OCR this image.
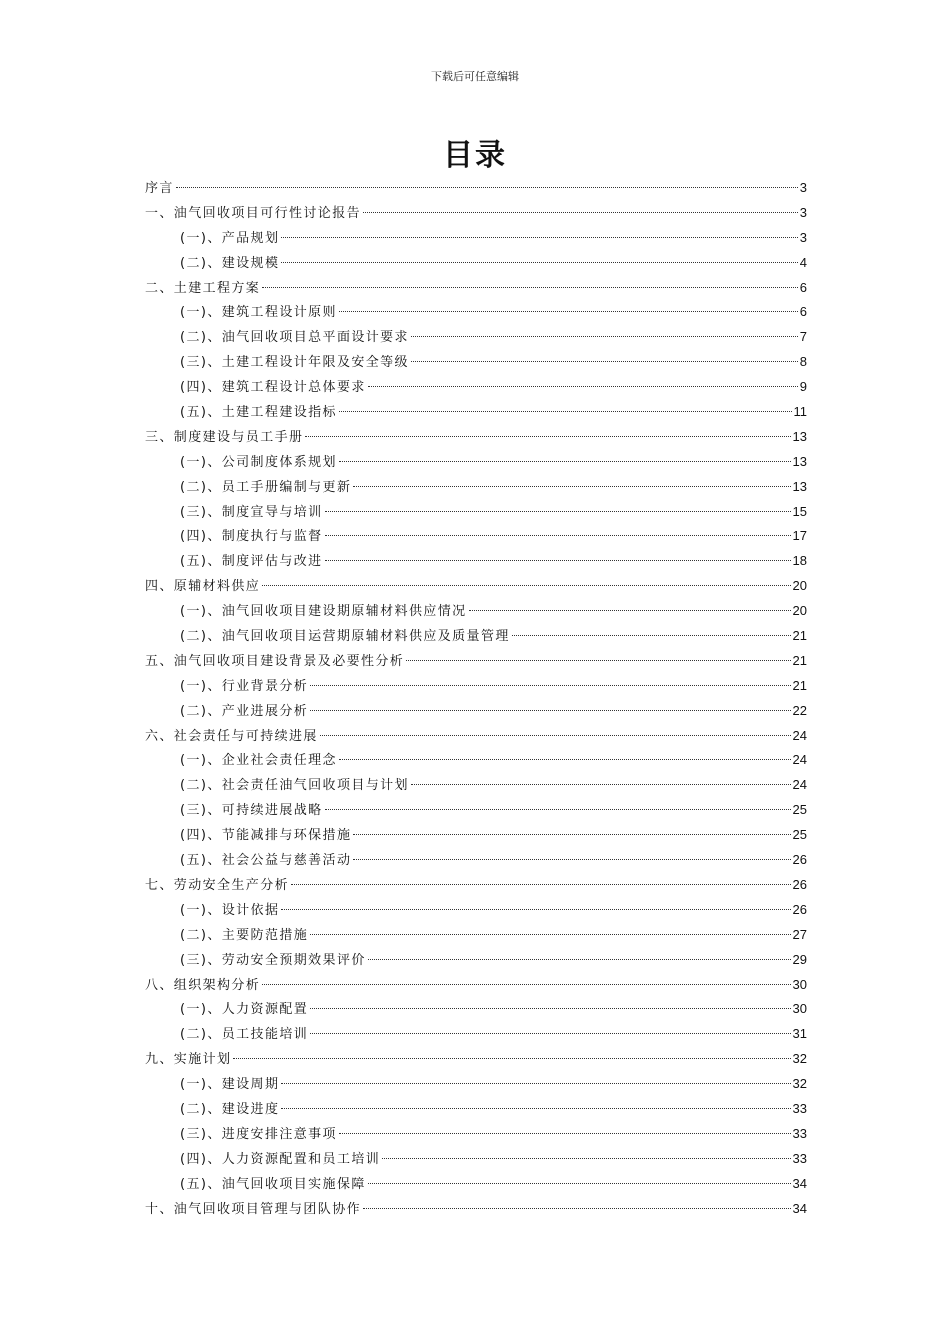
下载后可任意编辑
目录
序言	3
一、油气回收项目可行性讨论报告	3
(一)、产品规划	3
(二)、建设规模	4
二、土建工程方案	6
(一)、建筑工程设计原则	6
(二)、油气回收项目总平面设计要求	7
(三)、土建工程设计年限及安全等级	8
(四)、建筑工程设计总体要求	9
(五)、土建工程建设指标	11
三、制度建设与员工手册	13
(一)、公司制度体系规划	13
(二)、员工手册编制与更新	13
(三)、制度宣导与培训	15
(四)、制度执行与监督	17
(五)、制度评估与改进	18
四、原辅材料供应	20
(一)、油气回收项目建设期原辅材料供应情况	20
(二)、油气回收项目运营期原辅材料供应及质量管理	21
五、油气回收项目建设背景及必要性分析	21
(一)、行业背景分析	21
(二)、产业进展分析	22
六、社会责任与可持续进展	24
(一)、企业社会责任理念	24
(二)、社会责任油气回收项目与计划	24
(三)、可持续进展战略	25
(四)、节能减排与环保措施	25
(五)、社会公益与慈善活动	26
七、劳动安全生产分析	26
(一)、设计依据	26
(二)、主要防范措施	27
(三)、劳动安全预期效果评价	29
八、组织架构分析	30
(一)、人力资源配置	30
(二)、员工技能培训	31
九、实施计划	32
(一)、建设周期	32
(二)、建设进度	33
(三)、进度安排注意事项	33
(四)、人力资源配置和员工培训	33
(五)、油气回收项目实施保障	34
十、油气回收项目管理与团队协作	34
